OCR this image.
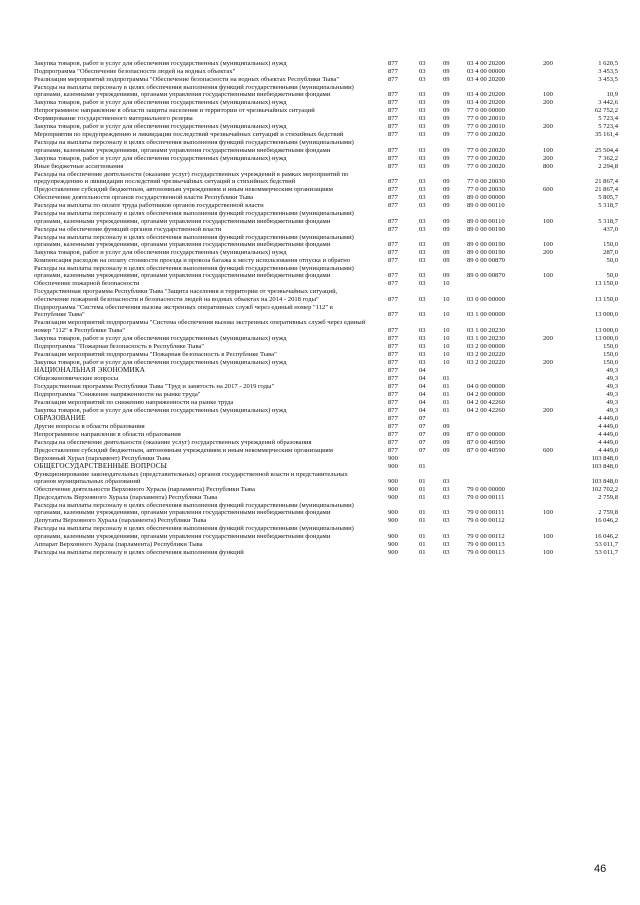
Закупка товаров, работ и услуг для обеспечения государственных (муниципальных) нужд	877	03	09	03 4 00 20200	200	1 620,5
Подпрограмма "Обеспечение безопасности людей на водных объектах"	877	03	09	03 4 00 00000	3 453,5
Реализация мероприятий подпрограммы "Обеспечение безопасности на водных объектах Республики Тыва"	877	03	09	03 4 00 20200	3 453,5
Расходы на выплаты персоналу в целях обеспечения выполнения функций государственными (муниципальными) органами, казенными учреждениями, органами управления государственными внебюджетными фондами	877	03	09	03 4 00 20200	100	10,9
Закупка товаров, работ и услуг для обеспечения государственных (муниципальных) нужд	877	03	09	03 4 00 20200	200	3 442,6
Непрограммное направление в области защиты населения и территории от чрезвычайных ситуаций	877	03	09	77 0 00 00000	62 752,2
Формирование государственного материального резерва	877	03	09	77 0 00 20010	5 723,4
Закупка товаров, работ и услуг для обеспечения государственных (муниципальных) нужд	877	03	09	77 0 00 20010	200	5 723,4
Мероприятия по предупреждению и ликвидации последствий чрезвычайных ситуаций и стихийных бедствий	877	03	09	77 0 00 20020	35 161,4
Расходы на выплаты персоналу в целях обеспечения выполнения функций государственными (муниципальными) органами, казенными учреждениями, органами управления государственными внебюджетными фондами	877	03	09	77 0 00 20020	100	25 504,4
Закупка товаров, работ и услуг для обеспечения государственных (муниципальных) нужд	877	03	09	77 0 00 20020	200	7 362,2
Иные бюджетные ассигнования	877	03	09	77 0 00 20020	800	2 294,8
Расходы на обеспечение деятельности (оказание услуг) государственных учреждений в рамках мероприятий по предупреждению и ликвидации последствий чрезвычайных ситуаций и стихийных бедствий	877	03	09	77 0 00 20030	21 867,4
Предоставление субсидий бюджетным, автономным учреждениям и иным некоммерческим организациям	877	03	09	77 0 00 20030	600	21 867,4
Обеспечение деятельности органов государственной власти Республики Тыва	877	03	09	89 0 00 00000	5 805,7
Расходы на выплаты по оплате труда работников органов государственной власти	877	03	09	89 0 00 00110	5 318,7
Расходы на выплаты персоналу в целях обеспечения выполнения функций государственными (муниципальными) органами, казенными учреждениями, органами управления государственными внебюджетными фондами	877	03	09	89 0 00 00110	100	5 318,7
Расходы на обеспечение функций органов государственной власти	877	03	09	89 0 00 00190	437,0
Расходы на выплаты персоналу в целях обеспечения выполнения функций государственными (муниципальными) органами, казенными учреждениями, органами управления государственными внебюджетными фондами	877	03	09	89 0 00 00190	100	150,0
Закупка товаров, работ и услуг для обеспечения государственных (муниципальных) нужд	877	03	09	89 0 00 00190	200	287,0
Компенсация расходов на оплату стоимости проезда и провоза багажа к месту использования отпуска и обратно	877	03	09	89 0 00 00870	50,0
Расходы на выплаты персоналу в целях обеспечения выполнения функций государственными (муниципальными) органами, казенными учреждениями, органами управления государственными внебюджетными фондами	877	03	09	89 0 00 00870	100	50,0
Обеспечение пожарной безопасности	877	03	10	13 150,0
Государственная программа Республики Тыва "Защита населения и территории от чрезвычайных ситуаций, обеспечение пожарной безопасности и безопасности людей на водных объектах на 2014 - 2018 годы"	877	03	10	03 0 00 00000	13 150,0
Подпрограмма "Система обеспечения вызова экстренных оперативных служб через единый номер "112" в Республике Тыва"	877	03	10	03 1 00 00000	13 000,0
Реализация мероприятий подпрограммы "Система обеспечения вызова экстренных оперативных служб через единый номер "112" в Республике Тыва"	877	03	10	03 1 00 20230	13 000,0
Закупка товаров, работ и услуг для обеспечения государственных (муниципальных) нужд	877	03	10	03 1 00 20230	200	13 000,0
Подпрограмма "Пожарная безопасность в Республике Тыва"	877	03	10	03 2 00 00000	150,0
Реализация мероприятий подпрограммы "Пожарная безопасность в Республике Тыва"	877	03	10	03 2 00 20220	150,0
Закупка товаров, работ и услуг для обеспечения государственных (муниципальных) нужд	877	03	10	03 2 00 20220	200	150,0
НАЦИОНАЛЬНАЯ ЭКОНОМИКА	877	04	49,3
Общеэкономические вопросы	877	04	01	49,3
Государственная программа Республики Тыва "Труд и занятость на 2017 - 2019 годы"	877	04	01	04 0 00 00000	49,3
Подпрограмма "Снижение напряженности на рынке труда"	877	04	01	04 2 00 00000	49,3
Реализация мероприятий по снижению напряженности на рынке труда	877	04	01	04 2 00 42260	49,3
Закупка товаров, работ и услуг для обеспечения государственных (муниципальных) нужд	877	04	01	04 2 00 42260	200	49,3
ОБРАЗОВАНИЕ	877	07	4 449,0
Другие вопросы в области образования	877	07	09	4 449,0
Непрограммное направление в области образования	877	07	09	87 0 00 00000	4 449,0
Расходы на обеспечение деятельности (оказание услуг) государственных учреждений образования	877	07	09	87 0 00 40590	4 449,0
Предоставление субсидий бюджетным, автономным учреждениям и иным некоммерческим организациям	877	07	09	87 0 00 40590	600	4 449,0
Верховный Хурал (парламент) Республики Тыва	900	103 848,0
ОБЩЕГОСУДАРСТВЕННЫЕ ВОПРОСЫ	900	01	103 848,0
Функционирование законодательных (представительных) органов государственной власти и представительных органов муниципальных образований	900	01	03	103 848,0
Обеспечение деятельности Верховного Хурала (парламента) Республики Тыва	900	01	03	79 0 00 00000	102 702,2
Председатель Верховного Хурала (парламента) Республики Тыва	900	01	03	79 0 00 00111	2 759,8
Расходы на выплаты персоналу в целях обеспечения выполнения функций государственными (муниципальными) органами, казенными учреждениями, органами управления государственными внебюджетными фондами	900	01	03	79 0 00 00111	100	2 759,8
Депутаты Верховного Хурала (парламента) Республики Тыва	900	01	03	79 0 00 00112	16 046,2
Расходы на выплаты персоналу в целях обеспечения выполнения функций государственными (муниципальными) органами, казенными учреждениями, органами управления государственными внебюджетными фондами	900	01	03	79 0 00 00112	100	16 046,2
Аппарат Верховного Хурала (парламента) Республики Тыва	900	01	03	79 0 00 00113	53 011,7
Расходы на выплаты персоналу в целях обеспечения выполнения функций	900	01	03	79 0 00 00113	100	53 011,7
46
